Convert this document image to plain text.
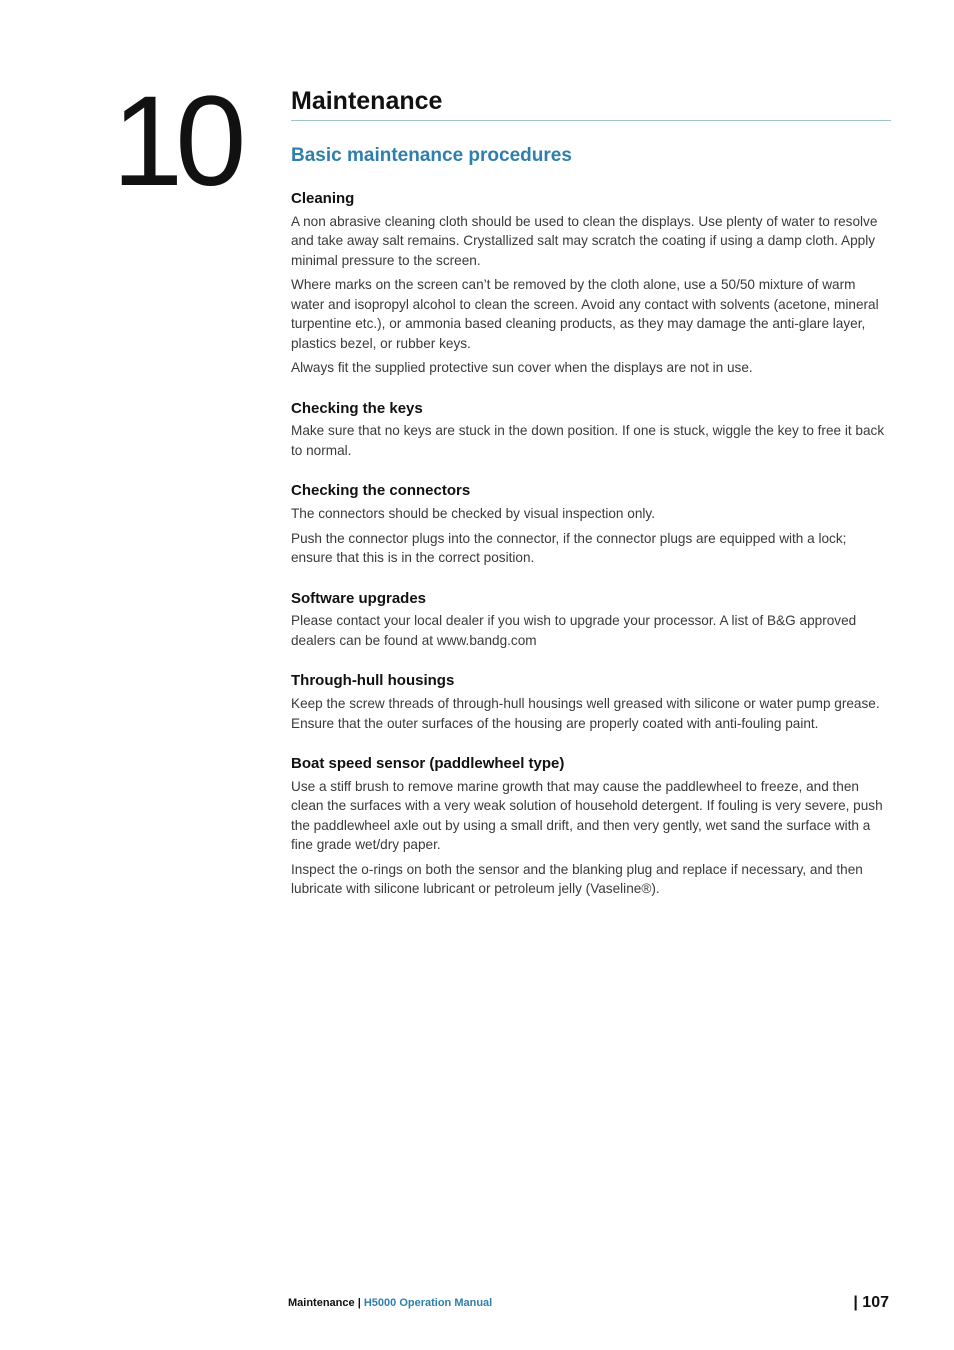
10 Maintenance
Basic maintenance procedures
Cleaning

A non abrasive cleaning cloth should be used to clean the displays. Use plenty of water to resolve and take away salt remains. Crystallized salt may scratch the coating if using a damp cloth. Apply minimal pressure to the screen.

Where marks on the screen can’t be removed by the cloth alone, use a 50/50 mixture of warm water and isopropyl alcohol to clean the screen. Avoid any contact with solvents (acetone, mineral turpentine etc.), or ammonia based cleaning products, as they may damage the anti-glare layer, plastics bezel, or rubber keys.

Always fit the supplied protective sun cover when the displays are not in use.

Checking the keys

Make sure that no keys are stuck in the down position. If one is stuck, wiggle the key to free it back to normal.

Checking the connectors

The connectors should be checked by visual inspection only.

Push the connector plugs into the connector, if the connector plugs are equipped with a lock; ensure that this is in the correct position.

Software upgrades

Please contact your local dealer if you wish to upgrade your processor. A list of B&G approved dealers can be found at www.bandg.com

Through-hull housings

Keep the screw threads of through-hull housings well greased with silicone or water pump grease. Ensure that the outer surfaces of the housing are properly coated with anti-fouling paint.

Boat speed sensor (paddlewheel type)

Use a stiff brush to remove marine growth that may cause the paddlewheel to freeze, and then clean the surfaces with a very weak solution of household detergent. If fouling is very severe, push the paddlewheel axle out by using a small drift, and then very gently, wet sand the surface with a fine grade wet/dry paper.

Inspect the o-rings on both the sensor and the blanking plug and replace if necessary, and then lubricate with silicone lubricant or petroleum jelly (Vaseline®).

Maintenance | H5000 Operation Manual	| 107
